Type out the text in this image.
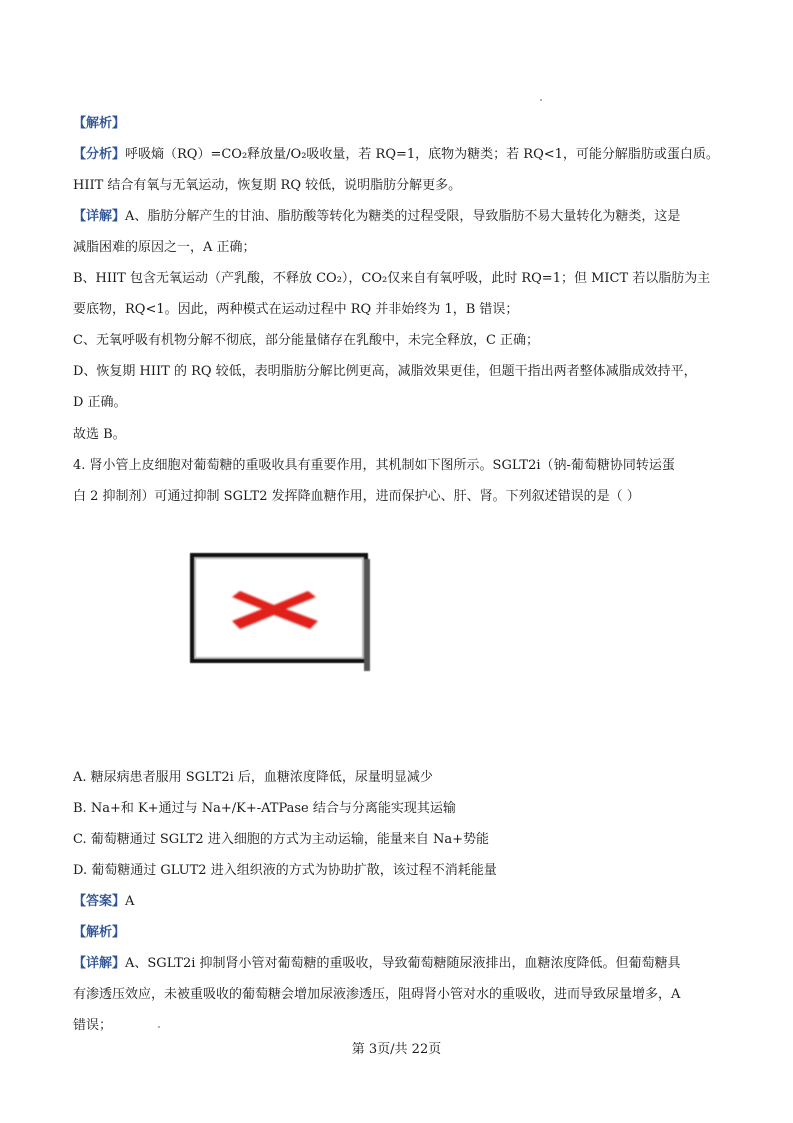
【解析】
【分析】呼吸熵（RQ）=CO₂释放量/O₂吸收量，若 RQ=1，底物为糖类；若 RQ<1，可能分解脂肪或蛋白质。
HIIT 结合有氧与无氧运动，恢复期 RQ 较低，说明脂肪分解更多。
【详解】A、脂肪分解产生的甘油、脂肪酸等转化为糖类的过程受限，导致脂肪不易大量转化为糖类，这是
减脂困难的原因之一，A 正确；
B、HIIT 包含无氧运动（产乳酸，不释放 CO₂），CO₂仅来自有氧呼吸，此时 RQ=1；但 MICT 若以脂肪为主
要底物，RQ<1。因此，两种模式在运动过程中 RQ 并非始终为 1，B 错误；
C、无氧呼吸有机物分解不彻底，部分能量储存在乳酸中，未完全释放，C 正确；
D、恢复期 HIIT 的 RQ 较低，表明脂肪分解比例更高，减脂效果更佳，但题干指出两者整体减脂成效持平，
D 正确。
故选 B。
4. 肾小管上皮细胞对葡萄糖的重吸收具有重要作用，其机制如下图所示。SGLT2i（钠-葡萄糖协同转运蛋
白 2 抑制剂）可通过抑制 SGLT2 发挥降血糖作用，进而保护心、肝、肾。下列叙述错误的是（ ）
A. 糖尿病患者服用 SGLT2i 后，血糖浓度降低，尿量明显减少
B. Na+和 K+通过与 Na+/K+-ATPase 结合与分离能实现其运输
C. 葡萄糖通过 SGLT2 进入细胞的方式为主动运输，能量来自 Na+势能
D. 葡萄糖通过 GLUT2 进入组织液的方式为协助扩散，该过程不消耗能量
【答案】A
【解析】
【详解】A、SGLT2i 抑制肾小管对葡萄糖的重吸收，导致葡萄糖随尿液排出，血糖浓度降低。但葡萄糖具
有渗透压效应，未被重吸收的葡萄糖会增加尿液渗透压，阻碍肾小管对水的重吸收，进而导致尿量增多，A
错误；
第 3页/共 22页
